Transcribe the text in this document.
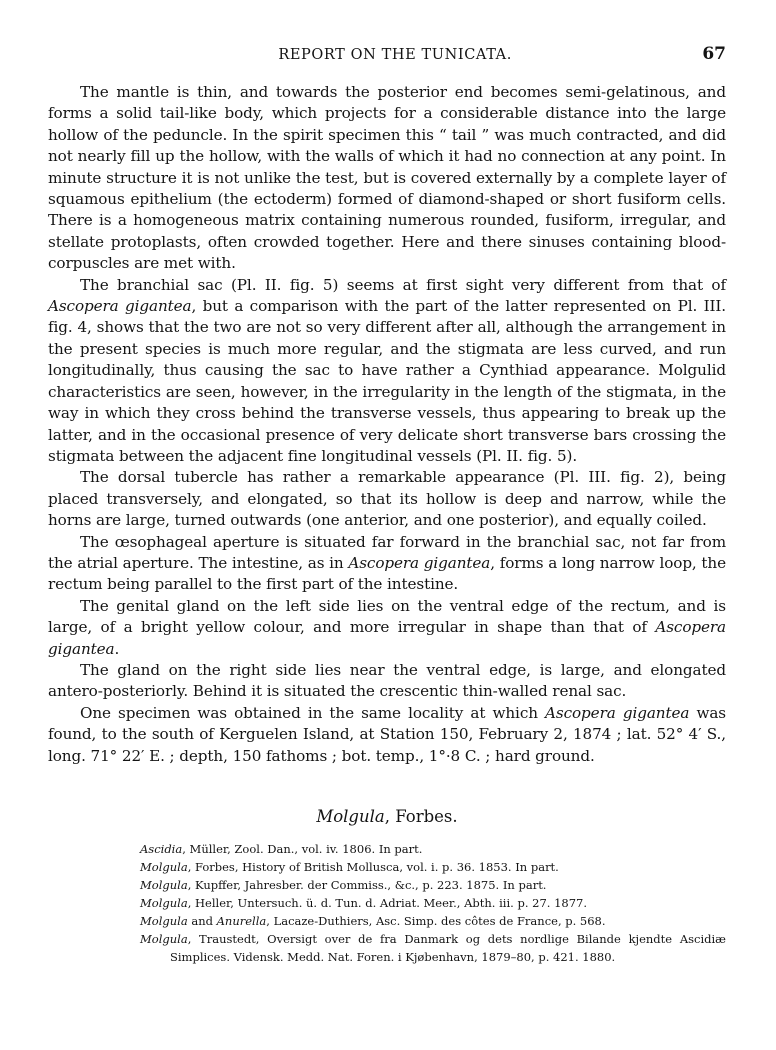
REPORT ON THE TUNICATA.	67

The mantle is thin, and towards the posterior end becomes semi-gelatinous, and forms a solid tail-like body, which projects for a considerable distance into the large hollow of the peduncle. In the spirit specimen this “ tail ” was much contracted, and did not nearly fill up the hollow, with the walls of which it had no connection at any point. In minute structure it is not unlike the test, but is covered externally by a complete layer of squamous epithelium (the ectoderm) formed of diamond-shaped or short fusiform cells. There is a homogeneous matrix containing numerous rounded, fusiform, irregular, and stellate protoplasts, often crowded together. Here and there sinuses containing blood-corpuscles are met with.

The branchial sac (Pl. II. fig. 5) seems at first sight very different from that of Ascopera gigantea, but a comparison with the part of the latter represented on Pl. III. fig. 4, shows that the two are not so very different after all, although the arrangement in the present species is much more regular, and the stigmata are less curved, and run longitudinally, thus causing the sac to have rather a Cynthiad appearance. Molgulid characteristics are seen, however, in the irregularity in the length of the stigmata, in the way in which they cross behind the transverse vessels, thus appearing to break up the latter, and in the occasional presence of very delicate short transverse bars crossing the stigmata between the adjacent fine longitudinal vessels (Pl. II. fig. 5).

The dorsal tubercle has rather a remarkable appearance (Pl. III. fig. 2), being placed transversely, and elongated, so that its hollow is deep and narrow, while the horns are large, turned outwards (one anterior, and one posterior), and equally coiled.

The œsophageal aperture is situated far forward in the branchial sac, not far from the atrial aperture. The intestine, as in Ascopera gigantea, forms a long narrow loop, the rectum being parallel to the first part of the intestine.

The genital gland on the left side lies on the ventral edge of the rectum, and is large, of a bright yellow colour, and more irregular in shape than that of Ascopera gigantea.

The gland on the right side lies near the ventral edge, is large, and elongated antero-posteriorly. Behind it is situated the crescentic thin-walled renal sac.

One specimen was obtained in the same locality at which Ascopera gigantea was found, to the south of Kerguelen Island, at Station 150, February 2, 1874 ; lat. 52° 4′ S., long. 71° 22′ E. ; depth, 150 fathoms ; bot. temp., 1°·8 C. ; hard ground.

Molgula, Forbes.
Ascidia, Müller, Zool. Dan., vol. iv. 1806. In part.
Molgula, Forbes, History of British Mollusca, vol. i. p. 36. 1853. In part.
Molgula, Kupffer, Jahresber. der Commiss., &c., p. 223. 1875. In part.
Molgula, Heller, Untersuch. ü. d. Tun. d. Adriat. Meer., Abth. iii. p. 27. 1877.
Molgula and Anurella, Lacaze-Duthiers, Asc. Simp. des côtes de France, p. 568.
Molgula, Traustedt, Oversigt over de fra Danmark og dets nordlige Bilande kjendte Ascidiæ Simplices. Vidensk. Medd. Nat. Foren. i Kjøbenhavn, 1879–80, p. 421. 1880.
